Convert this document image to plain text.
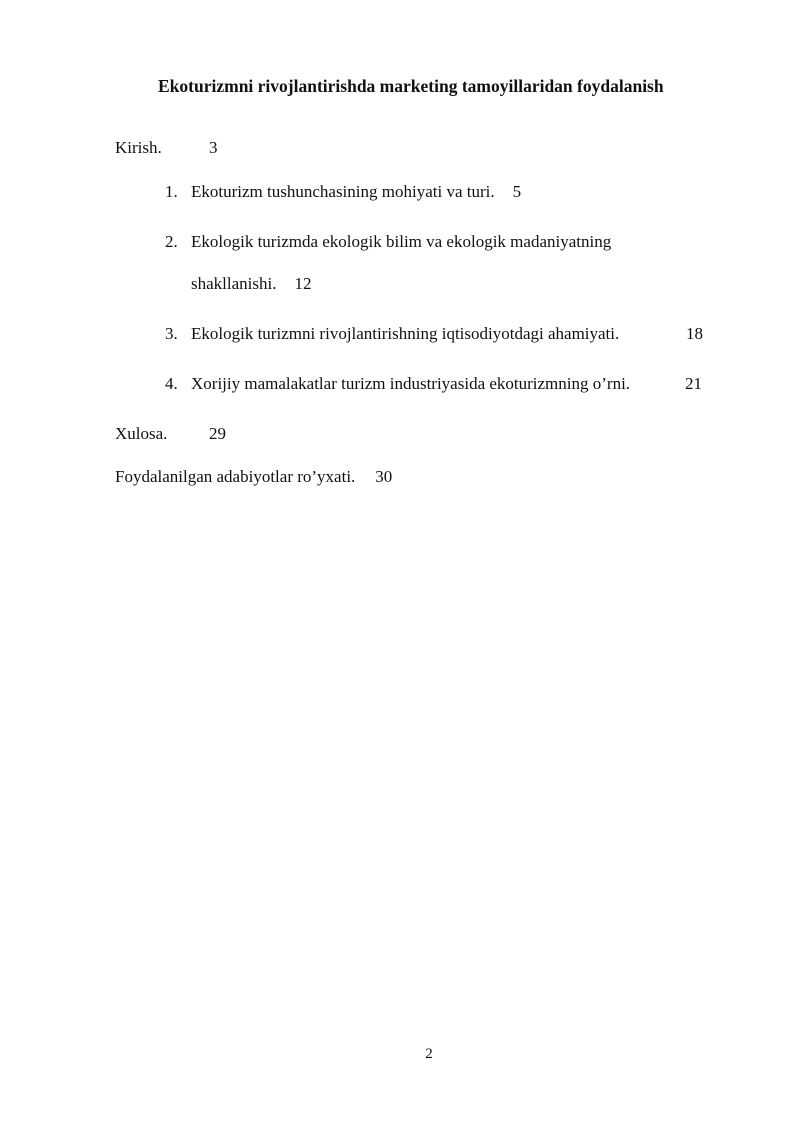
Ekoturizmni rivojlantirishda marketing tamoyillaridan foydalanish
Kirish.	3
1. Ekoturizm tushunchasining mohiyati va turi. 5
2. Ekologik turizmda ekologik bilim va ekologik madaniyatning
shakllanishi. 12
3. Ekologik turizmni rivojlantirishning iqtisodiyotdagi ahamiyati.	18
4. Xorijiy mamalakatlar turizm industriyasida ekoturizmning o’rni.	21
Xulosa. 29
Foydalanilgan adabiyotlar ro’yxati. 30
2
